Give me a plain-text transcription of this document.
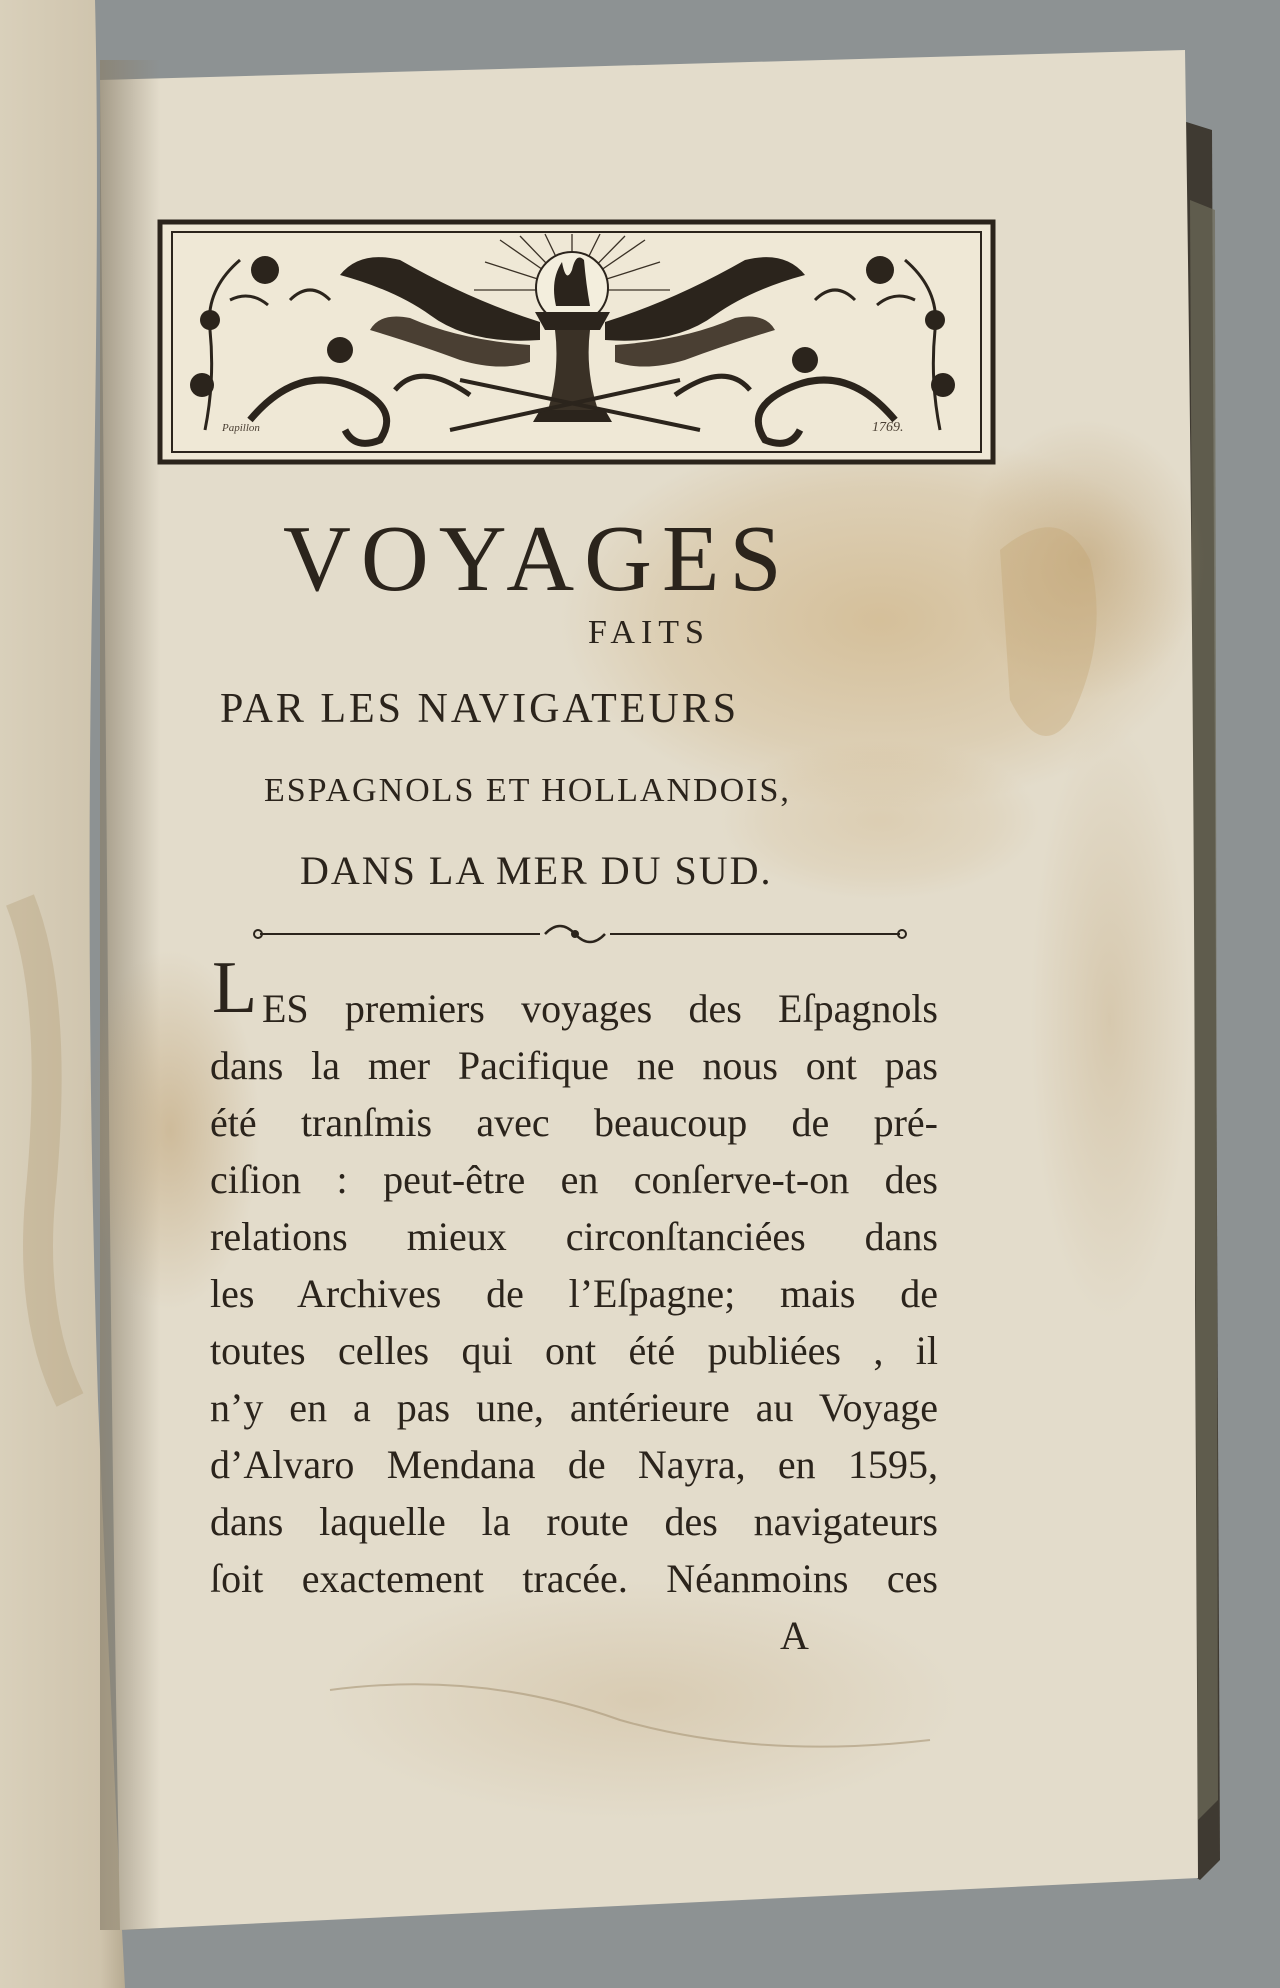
Papillon	1769.
VOYAGES
FAITS
PAR LES NAVIGATEURS
ESPAGNOLS ET HOLLANDOIS,
DANS LA MER DU SUD.
L ES premiers voyages des Eſpagnols
dans la mer Pacifique ne nous ont pas
été tranſmis avec beaucoup de pré-
ciſion : peut-être en conſerve-t-on des
relations mieux circonſtanciées dans
les Archives de l’Eſpagne; mais de
toutes celles qui ont été publiées , il
n’y en a pas une, antérieure au Voyage
d’Alvaro Mendana de Nayra, en 1595,
dans laquelle la route des navigateurs
ſoit exactement tracée. Néanmoins ces
A
